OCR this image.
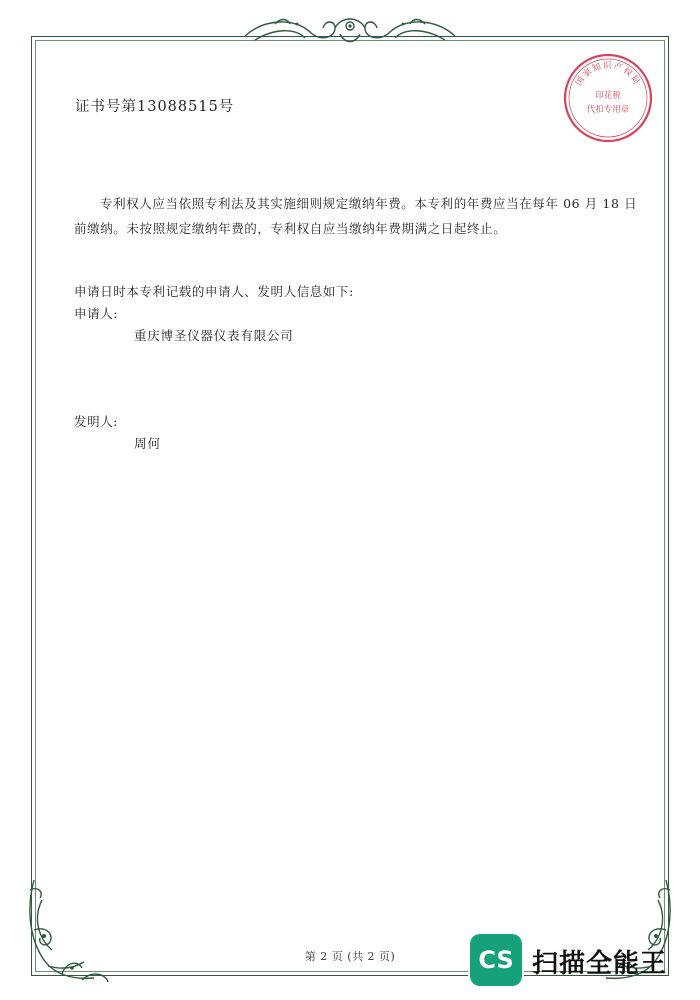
证书号第13088515号
国家知识产权局
印花税
代扣专用章
专利权人应当依照专利法及其实施细则规定缴纳年费。本专利的年费应当在每年 06 月 18 日
前缴纳。未按照规定缴纳年费的，专利权自应当缴纳年费期满之日起终止。
申请日时本专利记载的申请人、发明人信息如下:
申请人:
重庆博圣仪器仪表有限公司
发明人:
周何
第 2 页 (共 2 页)	CS 扫描全能王
